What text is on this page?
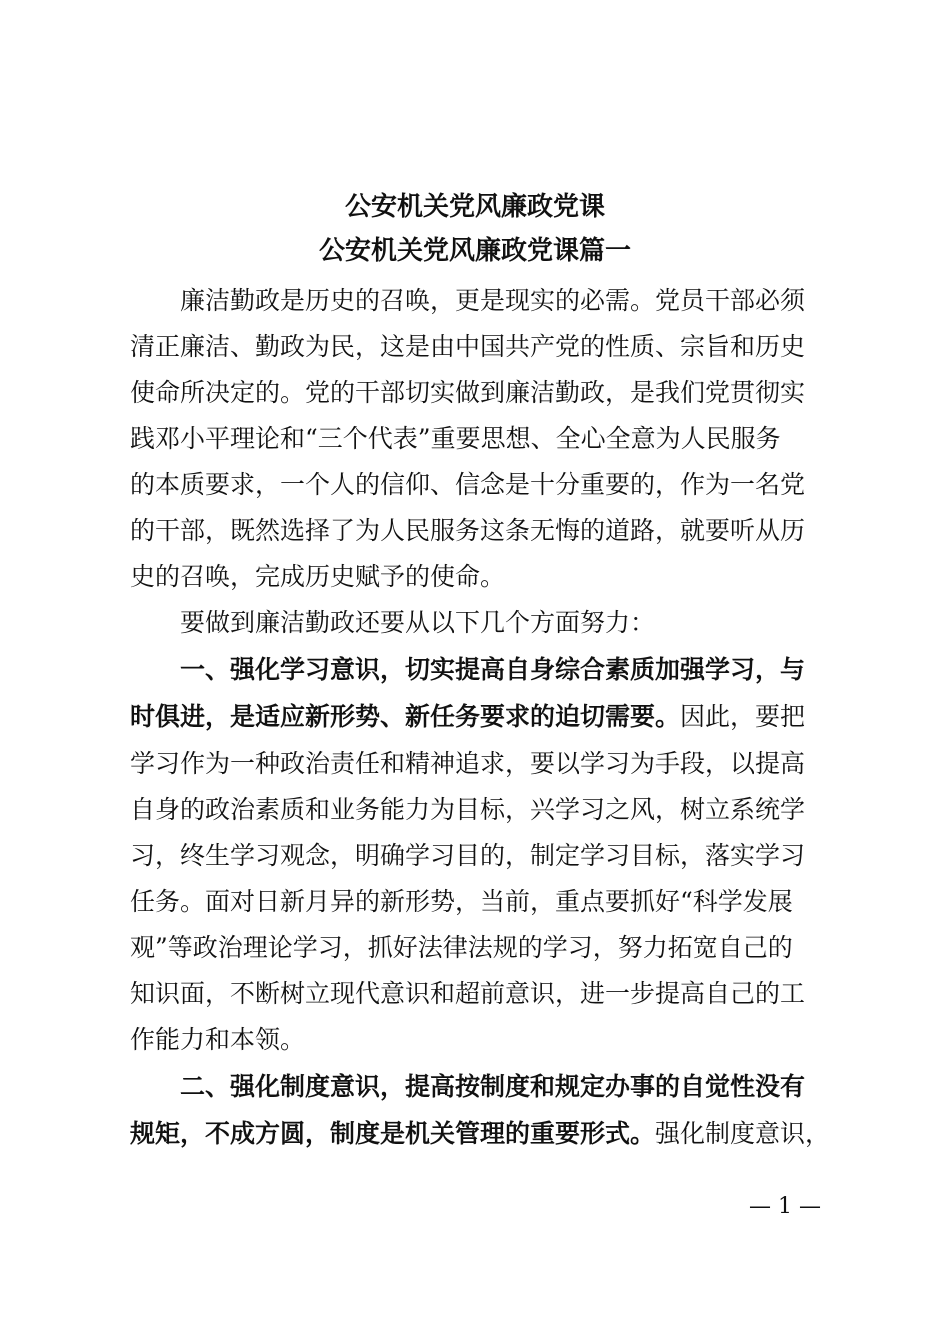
公安机关党风廉政党课
公安机关党风廉政党课篇一
廉洁勤政是历史的召唤，更是现实的必需。党员干部必须
清正廉洁、勤政为民，这是由中国共产党的性质、宗旨和历史
使命所决定的。党的干部切实做到廉洁勤政，是我们党贯彻实
践邓小平理论和“三个代表”重要思想、全心全意为人民服务
的本质要求，一个人的信仰、信念是十分重要的，作为一名党
的干部，既然选择了为人民服务这条无悔的道路，就要听从历
史的召唤，完成历史赋予的使命。
要做到廉洁勤政还要从以下几个方面努力：
一、强化学习意识，切实提高自身综合素质加强学习，与
时俱进，是适应新形势、新任务要求的迫切需要。因此，要把
学习作为一种政治责任和精神追求，要以学习为手段，以提高
自身的政治素质和业务能力为目标，兴学习之风，树立系统学
习，终生学习观念，明确学习目的，制定学习目标，落实学习
任务。面对日新月异的新形势，当前，重点要抓好“科学发展
观”等政治理论学习，抓好法律法规的学习，努力拓宽自己的
知识面，不断树立现代意识和超前意识，进一步提高自己的工
作能力和本领。
二、强化制度意识，提高按制度和规定办事的自觉性没有
规矩，不成方圆，制度是机关管理的重要形式。强化制度意识，
— 1 —
